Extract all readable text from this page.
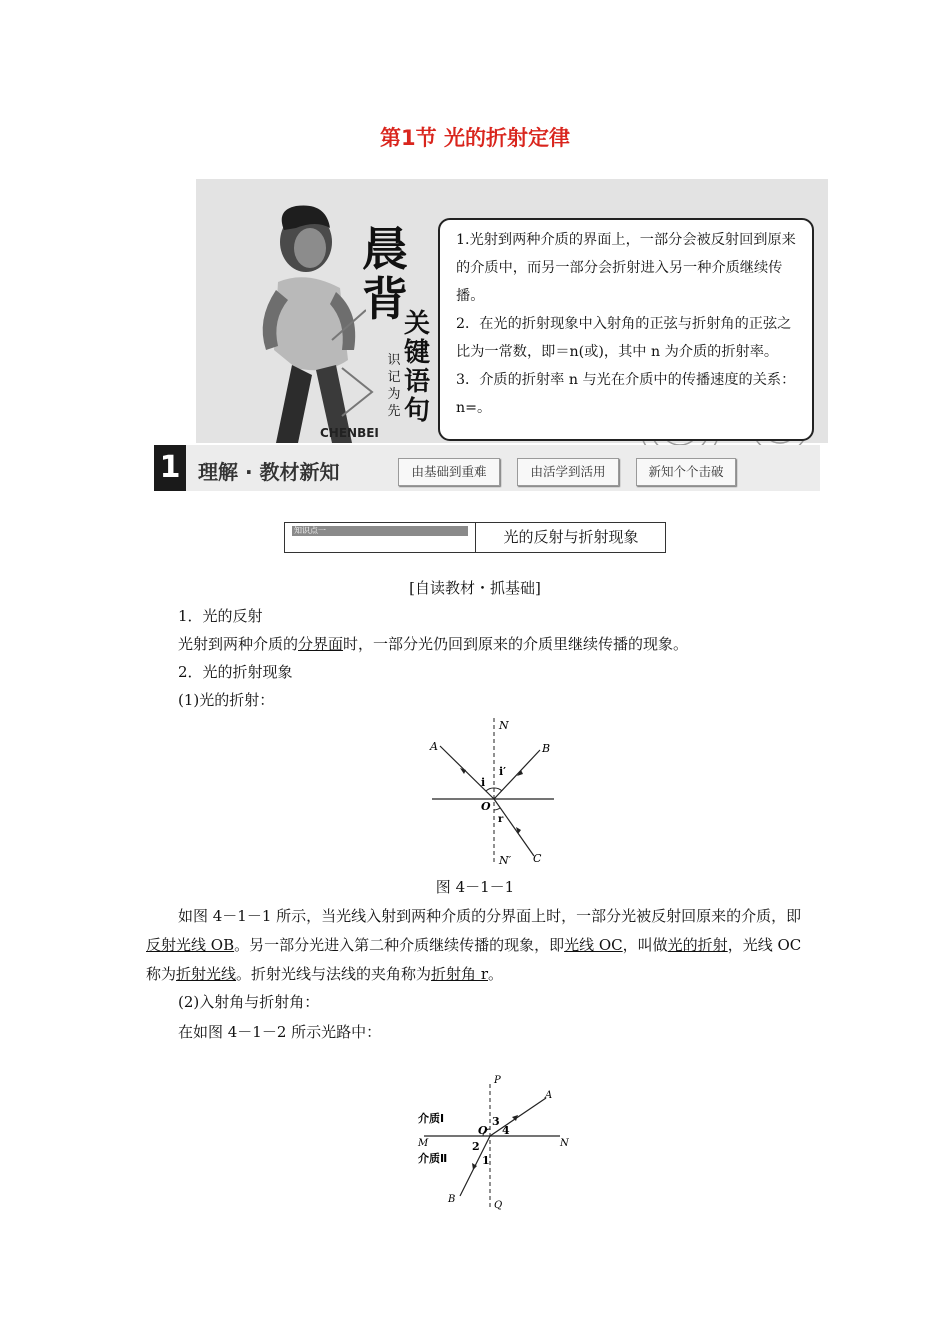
第1节 光的折射定律
晨
背
关
键
语
句
识
记
为
先
CHENBEI

1.光射到两种介质的界面上，一部分会被反射回到原来的介质中，而另一部分会折射进入另一种介质继续传播。

2．在光的折射现象中入射角的正弦与折射角的正弦之比为一常数，即＝n(或)，其中 n 为介质的折射率。

3．介质的折射率 n 与光在介质中的传播速度的关系：n=。

1 理解 · 教材新知	由基础到重难	由活学到活用	新知个个击破
知识点一	光的反射与折射现象
[自读教材・抓基础]
1．光的反射
光射到两种介质的分界面时，一部分光仍回到原来的介质里继续传播的现象。
2．光的折射现象
(1)光的折射：
N
A	B
i
i′
O
r
N′ C
图 4－1－1
如图 4－1－1 所示，当光线入射到两种介质的分界面上时，一部分光被反射回原来的介质，即反射光线 OB。另一部分光进入第二种介质继续传播的现象，即光线 OC，叫做光的折射，光线 OC 称为折射光线。折射光线与法线的夹角称为折射角 r。
(2)入射角与折射角：
在如图 4－1－2 所示光路中：
P
A
介质Ⅰ	3
4
O
M	N
2
1
介质Ⅱ
B
Q
